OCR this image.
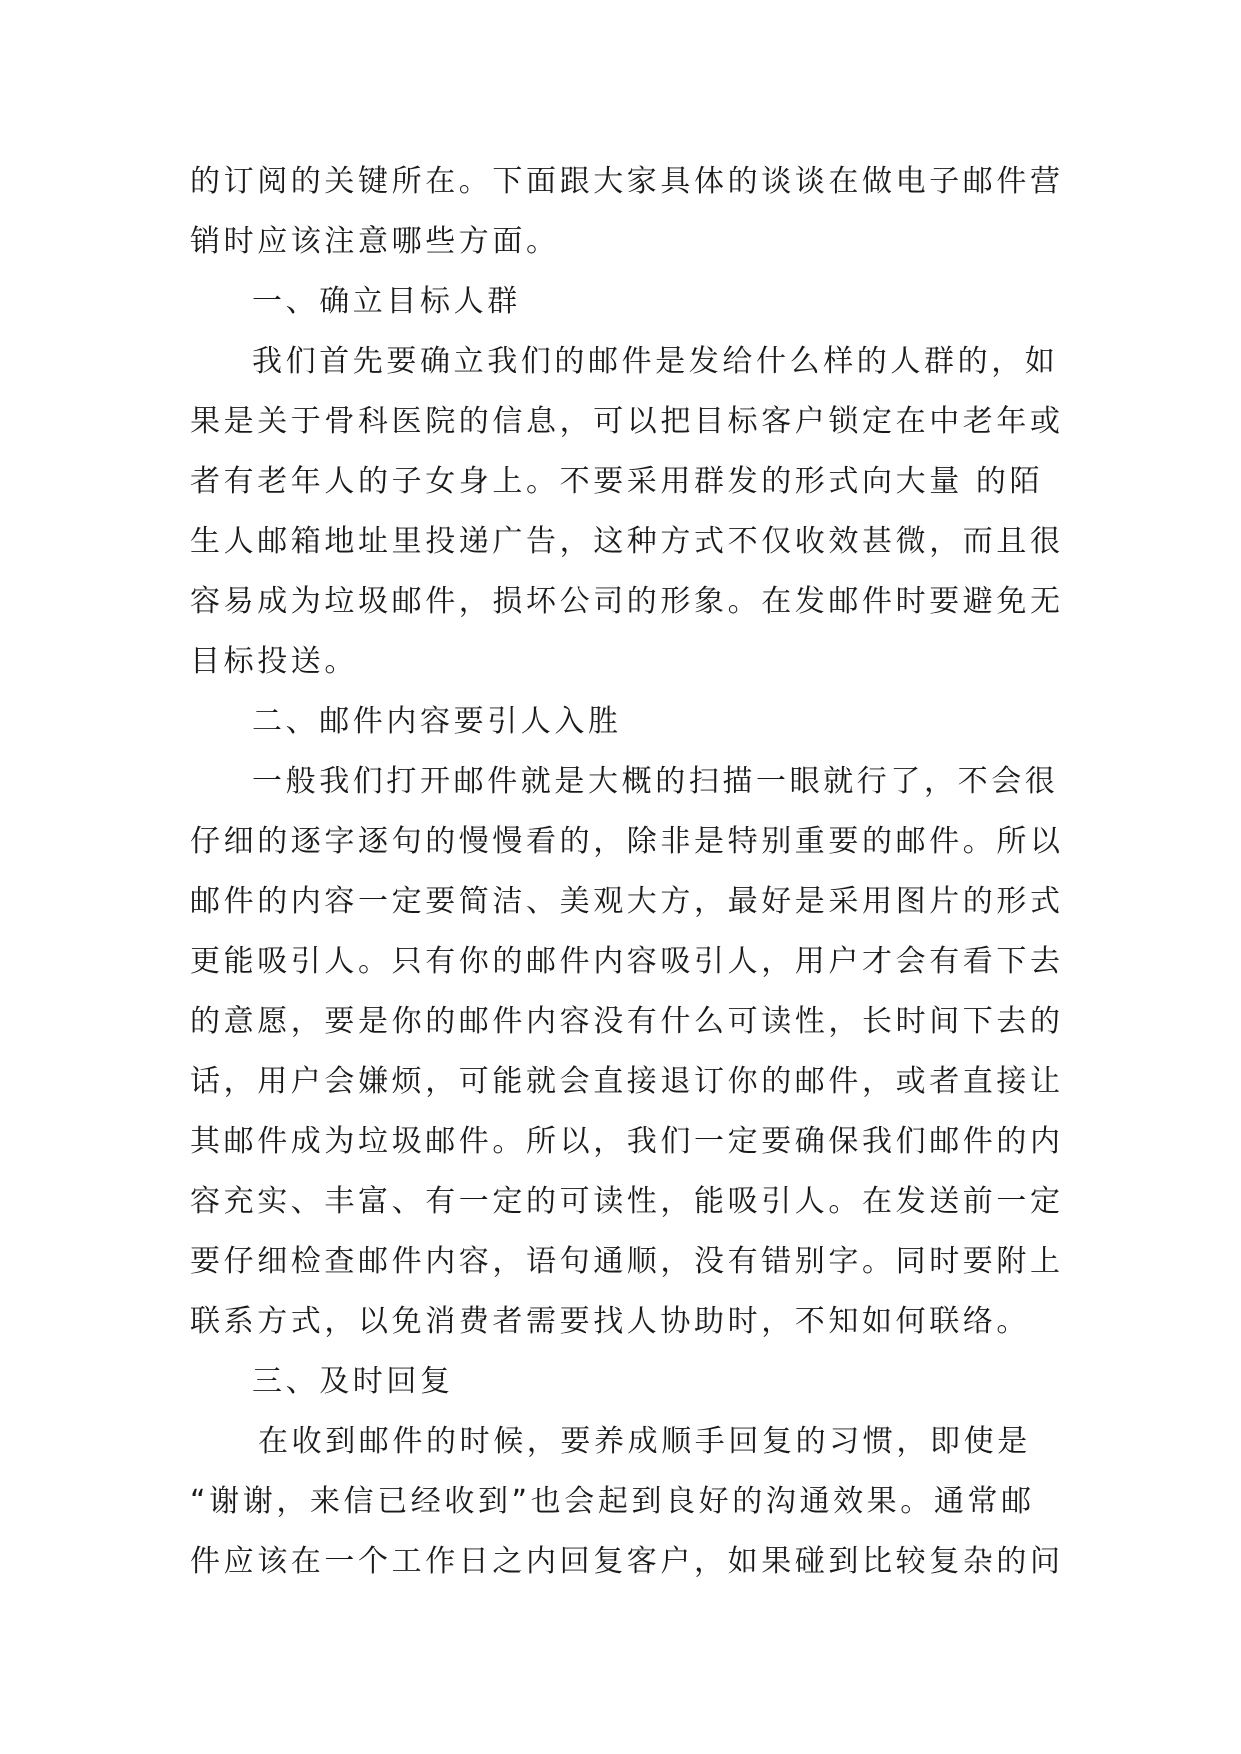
的订阅的关键所在。下面跟大家具体的谈谈在做电子邮件营
销时应该注意哪些方面。
一、确立目标人群
我们首先要确立我们的邮件是发给什么样的人群的，如
果是关于骨科医院的信息，可以把目标客户锁定在中老年或
者有老年人的子女身上。不要采用群发的形式向大量 的陌
生人邮箱地址里投递广告，这种方式不仅收效甚微，而且很
容易成为垃圾邮件，损坏公司的形象。在发邮件时要避免无
目标投送。
二、邮件内容要引人入胜
一般我们打开邮件就是大概的扫描一眼就行了，不会很
仔细的逐字逐句的慢慢看的，除非是特别重要的邮件。所以
邮件的内容一定要简洁、美观大方，最好是采用图片的形式
更能吸引人。只有你的邮件内容吸引人，用户才会有看下去
的意愿，要是你的邮件内容没有什么可读性，长时间下去的
话，用户会嫌烦，可能就会直接退订你的邮件，或者直接让
其邮件成为垃圾邮件。所以，我们一定要确保我们邮件的内
容充实、丰富、有一定的可读性，能吸引人。在发送前一定
要仔细检查邮件内容，语句通顺，没有错别字。同时要附上
联系方式，以免消费者需要找人协助时，不知如何联络。
三、及时回复
在收到邮件的时候，要养成顺手回复的习惯，即使是
“谢谢，来信已经收到”也会起到良好的沟通效果。通常邮
件应该在一个工作日之内回复客户，如果碰到比较复杂的问
